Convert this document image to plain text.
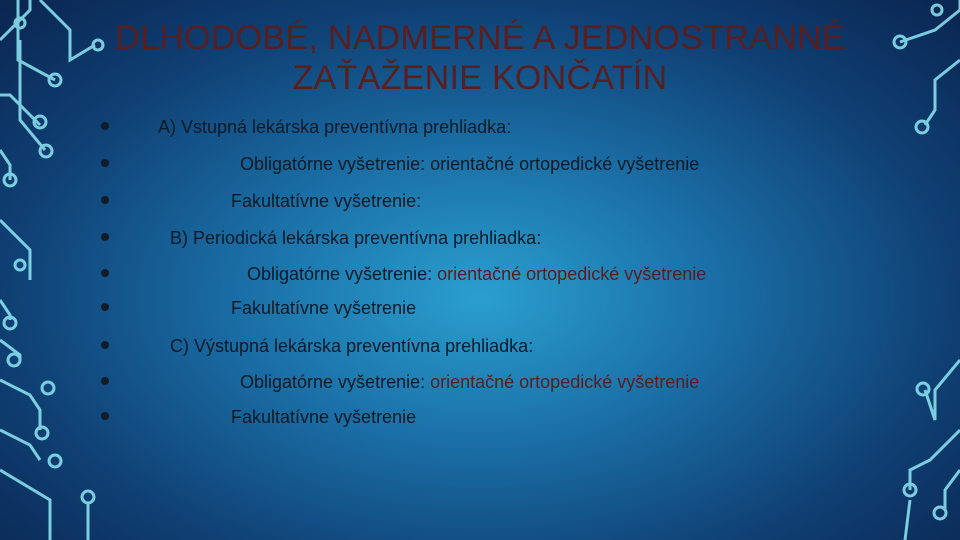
DLHODOBÉ, NADMERNÉ A JEDNOSTRANNÉ
ZAŤAŽENIE KONČATÍN
A) Vstupná lekárska preventívna prehliadka:
Obligatórne vyšetrenie: orientačné ortopedické vyšetrenie
Fakultatívne vyšetrenie:
B) Periodická lekárska preventívna prehliadka:
Obligatórne vyšetrenie: orientačné ortopedické vyšetrenie
Fakultatívne vyšetrenie
C) Výstupná lekárska preventívna prehliadka:
Obligatórne vyšetrenie: orientačné ortopedické vyšetrenie
Fakultatívne vyšetrenie
